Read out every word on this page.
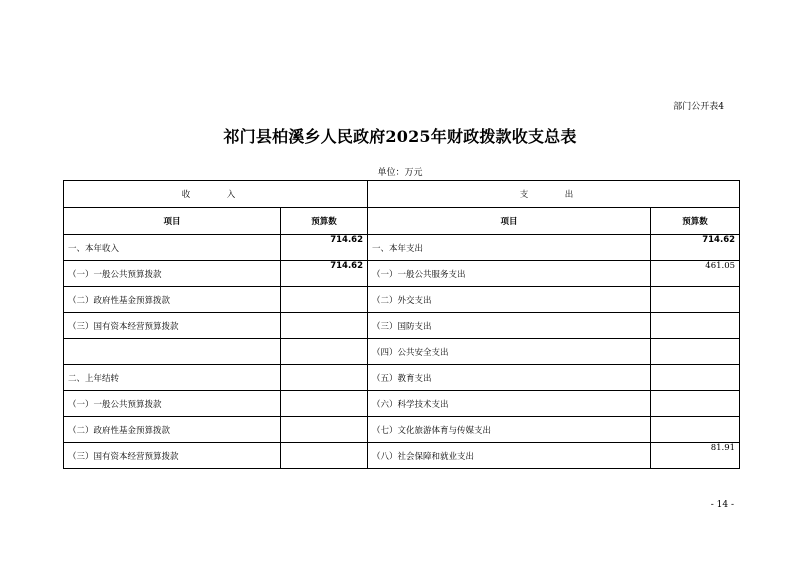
部门公开表4
祁门县柏溪乡人民政府2025年财政拨款收支总表
单位：万元
收　入		支　出	
项目	预算数	项目	预算数
一、本年收入	714.62	一、本年支出	714.62
（一）一般公共预算拨款	714.62	（一）一般公共服务支出	461.05
（二）政府性基金预算拨款		（二）外交支出	
（三）国有资本经营预算拨款		（三）国防支出	
		（四）公共安全支出	
二、上年结转		（五）教育支出	
（一）一般公共预算拨款		（六）科学技术支出	
（二）政府性基金预算拨款		（七）文化旅游体育与传媒支出	
（三）国有资本经营预算拨款		（八）社会保障和就业支出	81.91
- 14 -
